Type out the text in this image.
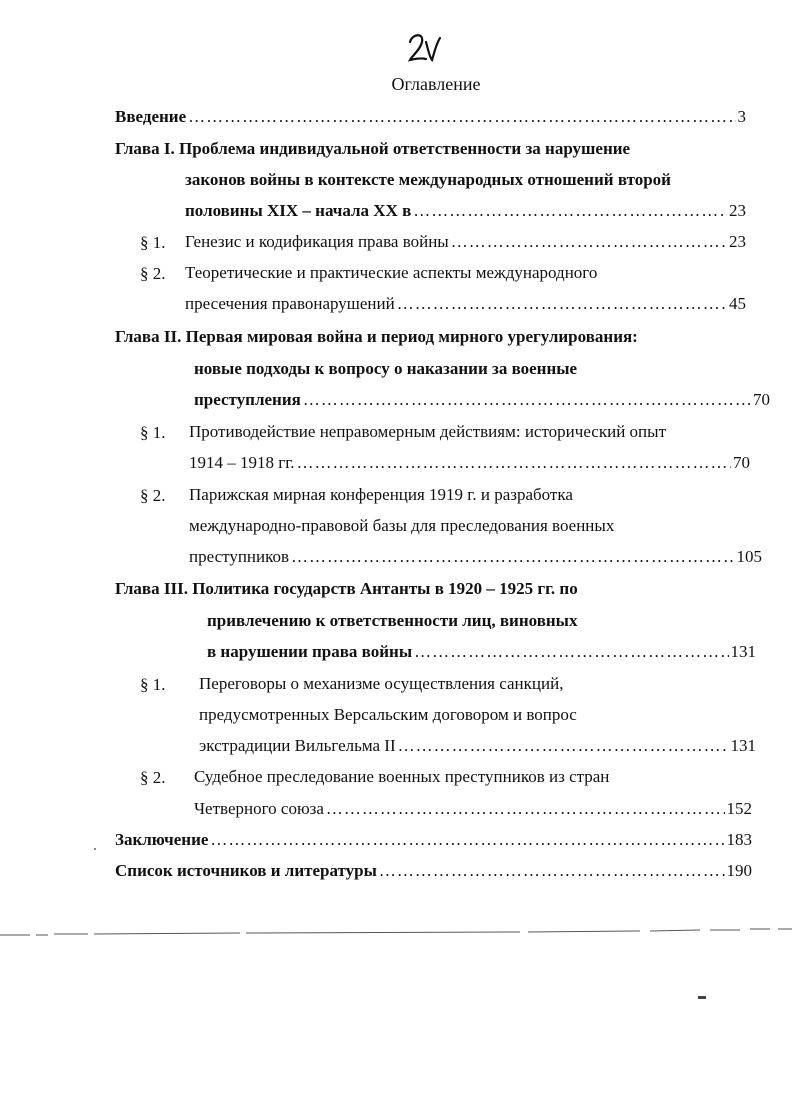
Оглавление
Введение …………………………………………………………………………………………………………………………………………………………………………	3
Глава I. Проблема индивидуальной ответственности за нарушение
законов войны в контексте международных отношений второй
половины XIX – начала XX в …………………………………………………………………………………………………………………………………………………………………………	23
§ 1. Генезис и кодификация права войны …………………………………………………………………………………………………………………………………………………………………………	23
§ 2. Теоретические и практические аспекты международного
пресечения правонарушений …………………………………………………………………………………………………………………………………………………………………………	45
Глава II. Первая мировая война и период мирного урегулирования:
новые подходы к вопросу о наказании за военные
преступления …………………………………………………………………………………………………………………………………………………………………………	70
§ 1. Противодействие неправомерным действиям: исторический опыт
1914 – 1918 гг. …………………………………………………………………………………………………………………………………………………………………………	70
§ 2. Парижская мирная конференция 1919 г. и разработка
международно-правовой базы для преследования военных
преступников …………………………………………………………………………………………………………………………………………………………………………	105
Глава III. Политика государств Антанты в 1920 – 1925 гг. по
привлечению к ответственности лиц, виновных
в нарушении права войны …………………………………………………………………………………………………………………………………………………………………………	131
§ 1. Переговоры о механизме осуществления санкций,
предусмотренных Версальским договором и вопрос
экстрадиции Вильгельма II …………………………………………………………………………………………………………………………………………………………………………	131
§ 2. Судебное преследование военных преступников из стран
Четверного союза …………………………………………………………………………………………………………………………………………………………………………	152
Заключение …………………………………………………………………………………………………………………………………………………………………………	183
Список источников и литературы …………………………………………………………………………………………………………………………………………………………………………	190
